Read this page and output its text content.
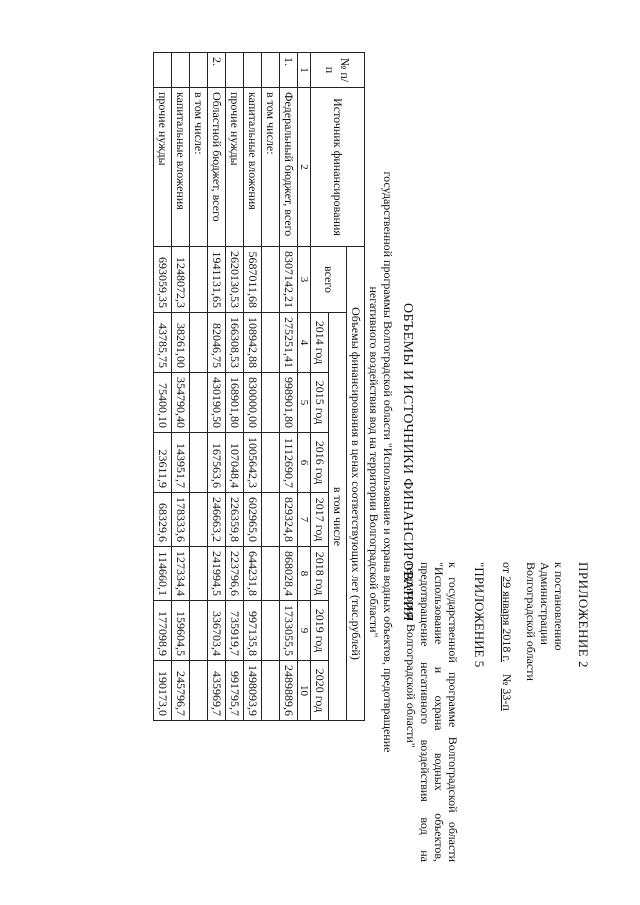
ПРИЛОЖЕНИЕ 2
к постановлению
Администрации
Волгоградской области
от 29 января 2018 г.    № 33-п
"ПРИЛОЖЕНИЕ 5
к государственной программе Волгоградской области "Использование и охрана водных объектов, предотвращение негативного воздействия вод на территории Волгоградской области"
ОБЪЕМЫ И ИСТОЧНИКИ ФИНАНСИРОВАНИЯ
государственной программы Волгоградской области "Использование и охрана водных объектов, предотвращение негативного воздействия вод на территории Волгоградской области"
№ п/п	Источник финансирования	Объемы финансирования в ценах соответствующих лет (тыс.рублей)							
		всего	в том числе						
			2014 год	2015 год	2016 год	2017 год	2018 год	2019 год	2020 год
1	2	3	4	5	6	7	8	9	10
1.	Федеральный бюджет, всего	8307142,21	275251,41	998901,80	1112690,7	829324,8	868028,4	1733055,5	2489889,6
	в том числе:								
	капитальные вложения	5687011,68	108942,88	830000,00	1005642,3	602965,0	644231,8	997135,8	1498093,9
	прочие нужды	2620130,53	166308,53	168901,80	107048,4	226359,8	223796,6	735919,7	991795,7
2.	Областной бюджет, всего	1941131,65	82046,75	430190,50	167563,6	246663,2	241994,5	336703,4	435969,7
	в том числе:								
	капитальные вложения	1248072,3	38261,00	354790,40	143951,7	178333,6	127334,4	159604,5	245796,7
	прочие нужды	693059,35	43785,75	75400,10	23611,9	68329,6	114660,1	177098,9	190173,0
